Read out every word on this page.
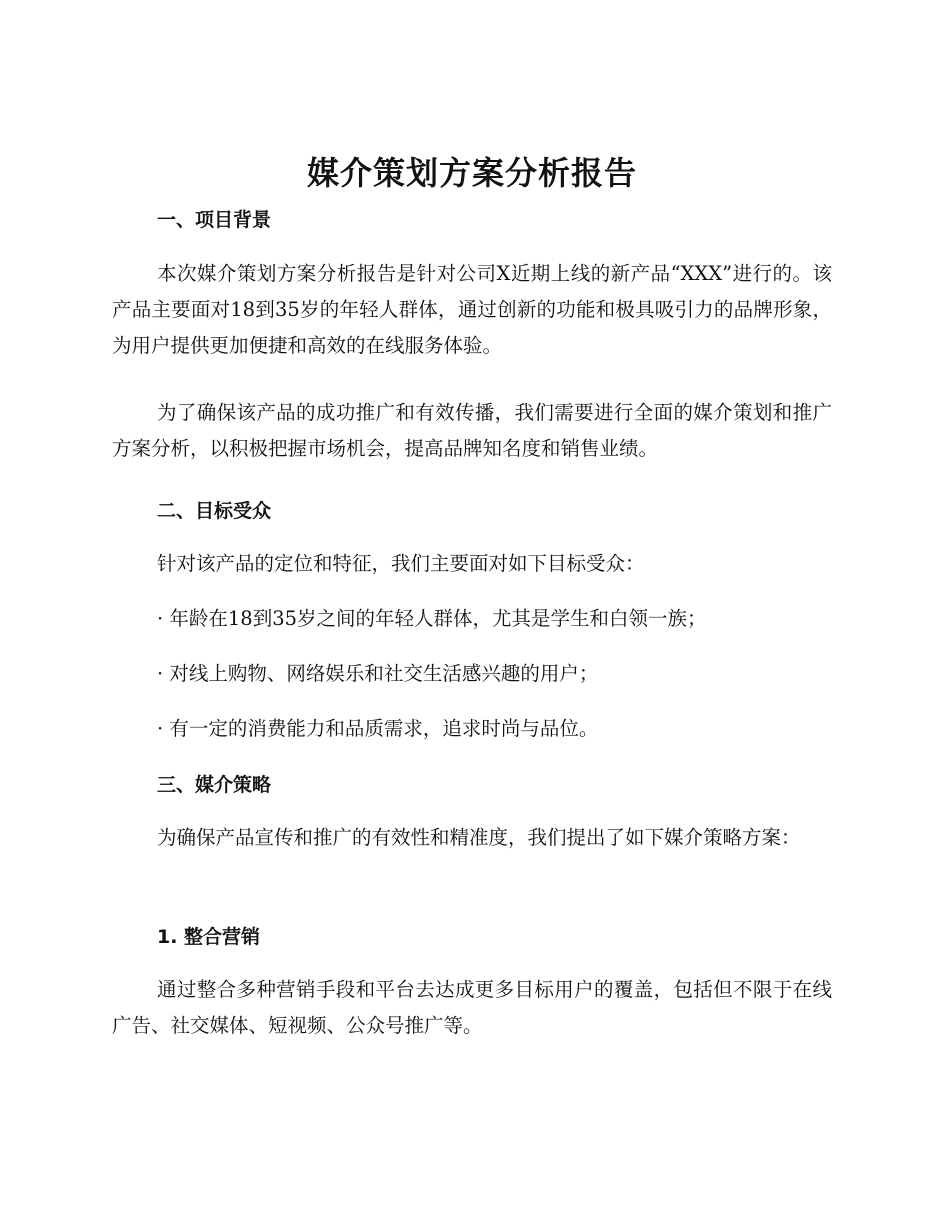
媒介策划方案分析报告
一、项目背景

本次媒介策划方案分析报告是针对公司X近期上线的新产品“XXX”进行的。该产品主要面对18到35岁的年轻人群体，通过创新的功能和极具吸引力的品牌形象，为用户提供更加便捷和高效的在线服务体验。

为了确保该产品的成功推广和有效传播，我们需要进行全面的媒介策划和推广方案分析，以积极把握市场机会，提高品牌知名度和销售业绩。

二、目标受众

针对该产品的定位和特征，我们主要面对如下目标受众：

· 年龄在18到35岁之间的年轻人群体，尤其是学生和白领一族；

· 对线上购物、网络娱乐和社交生活感兴趣的用户；

· 有一定的消费能力和品质需求，追求时尚与品位。

三、媒介策略

为确保产品宣传和推广的有效性和精准度，我们提出了如下媒介策略方案：

1. 整合营销

通过整合多种营销手段和平台去达成更多目标用户的覆盖，包括但不限于在线广告、社交媒体、短视频、公众号推广等。
